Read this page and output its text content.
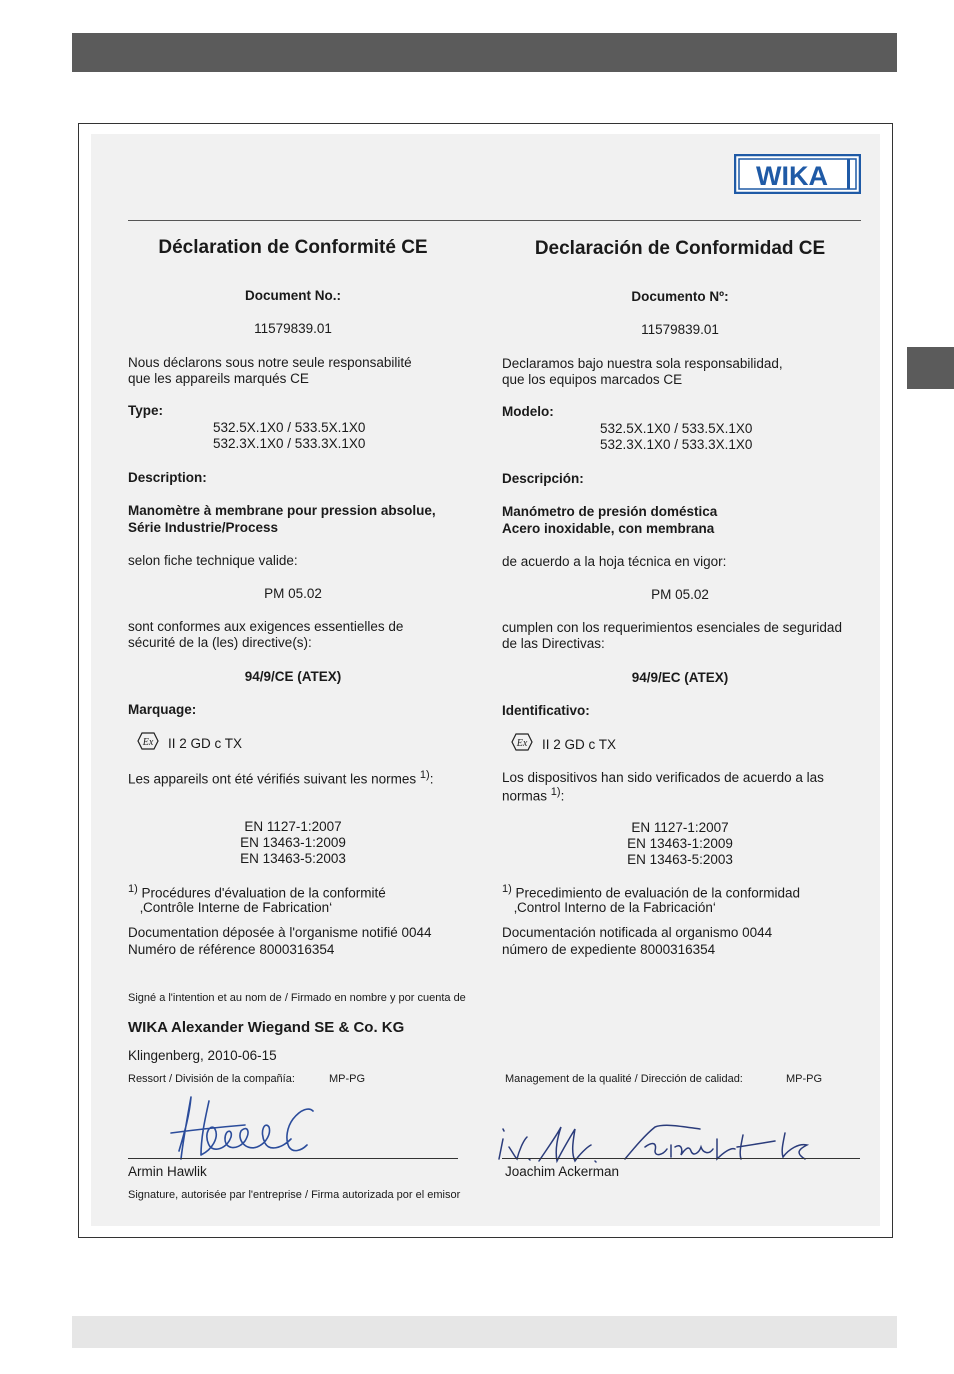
WIKA
Déclaration de Conformité CE
Document No.:
11579839.01
Nous déclarons sous notre seule responsabilité
que les appareils marqués CE
Type:
532.5X.1X0 / 533.5X.1X0
532.3X.1X0 / 533.3X.1X0
Description:
Manomètre à membrane pour pression absolue,
Série Industrie/Process
selon fiche technique valide:
PM 05.02
sont conformes aux exigences essentielles de
sécurité de la (les) directive(s):
94/9/CE (ATEX)
Marquage:
Ex II 2 GD c TX
Les appareils ont été vérifiés suivant les normes $^{1)}$:
EN 1127-1:2007
EN 13463-1:2009
EN 13463-5:2003
$^{1)}$ Procédures d'évaluation de la conformité
‚Contrôle Interne de Fabrication‘
Documentation déposée à l'organisme notifié 0044
Numéro de référence 8000316354
Declaración de Conformidad CE
Documento Nº:
11579839.01
Declaramos bajo nuestra sola responsabilidad,
que los equipos marcados CE
Modelo:
532.5X.1X0 / 533.5X.1X0
532.3X.1X0 / 533.3X.1X0
Descripción:
Manómetro de presión doméstica
Acero inoxidable, con membrana
de acuerdo a la hoja técnica en vigor:
PM 05.02
cumplen con los requerimientos esenciales de seguridad
de las Directivas:
94/9/EC (ATEX)
Identificativo:
Ex II 2 GD c TX
Los dispositivos han sido verificados de acuerdo a las
normas $^{1)}$:
EN 1127-1:2007
EN 13463-1:2009
EN 13463-5:2003
$^{1)}$ Precedimiento de evaluación de la conformidad
‚Control Interno de la Fabricación‘
Documentación notificada al organismo 0044
número de expediente 8000316354
Signé a l'intention et au nom de / Firmado en nombre y por cuenta de
WIKA Alexander Wiegand SE & Co. KG
Klingenberg, 2010-06-15
Ressort / División de la compañía:	MP-PG	Management de la qualité / Dirección de calidad:	MP-PG
Armin Hawlik	Joachim Ackerman
Signature, autorisée par l'entreprise / Firma autorizada por el emisor
